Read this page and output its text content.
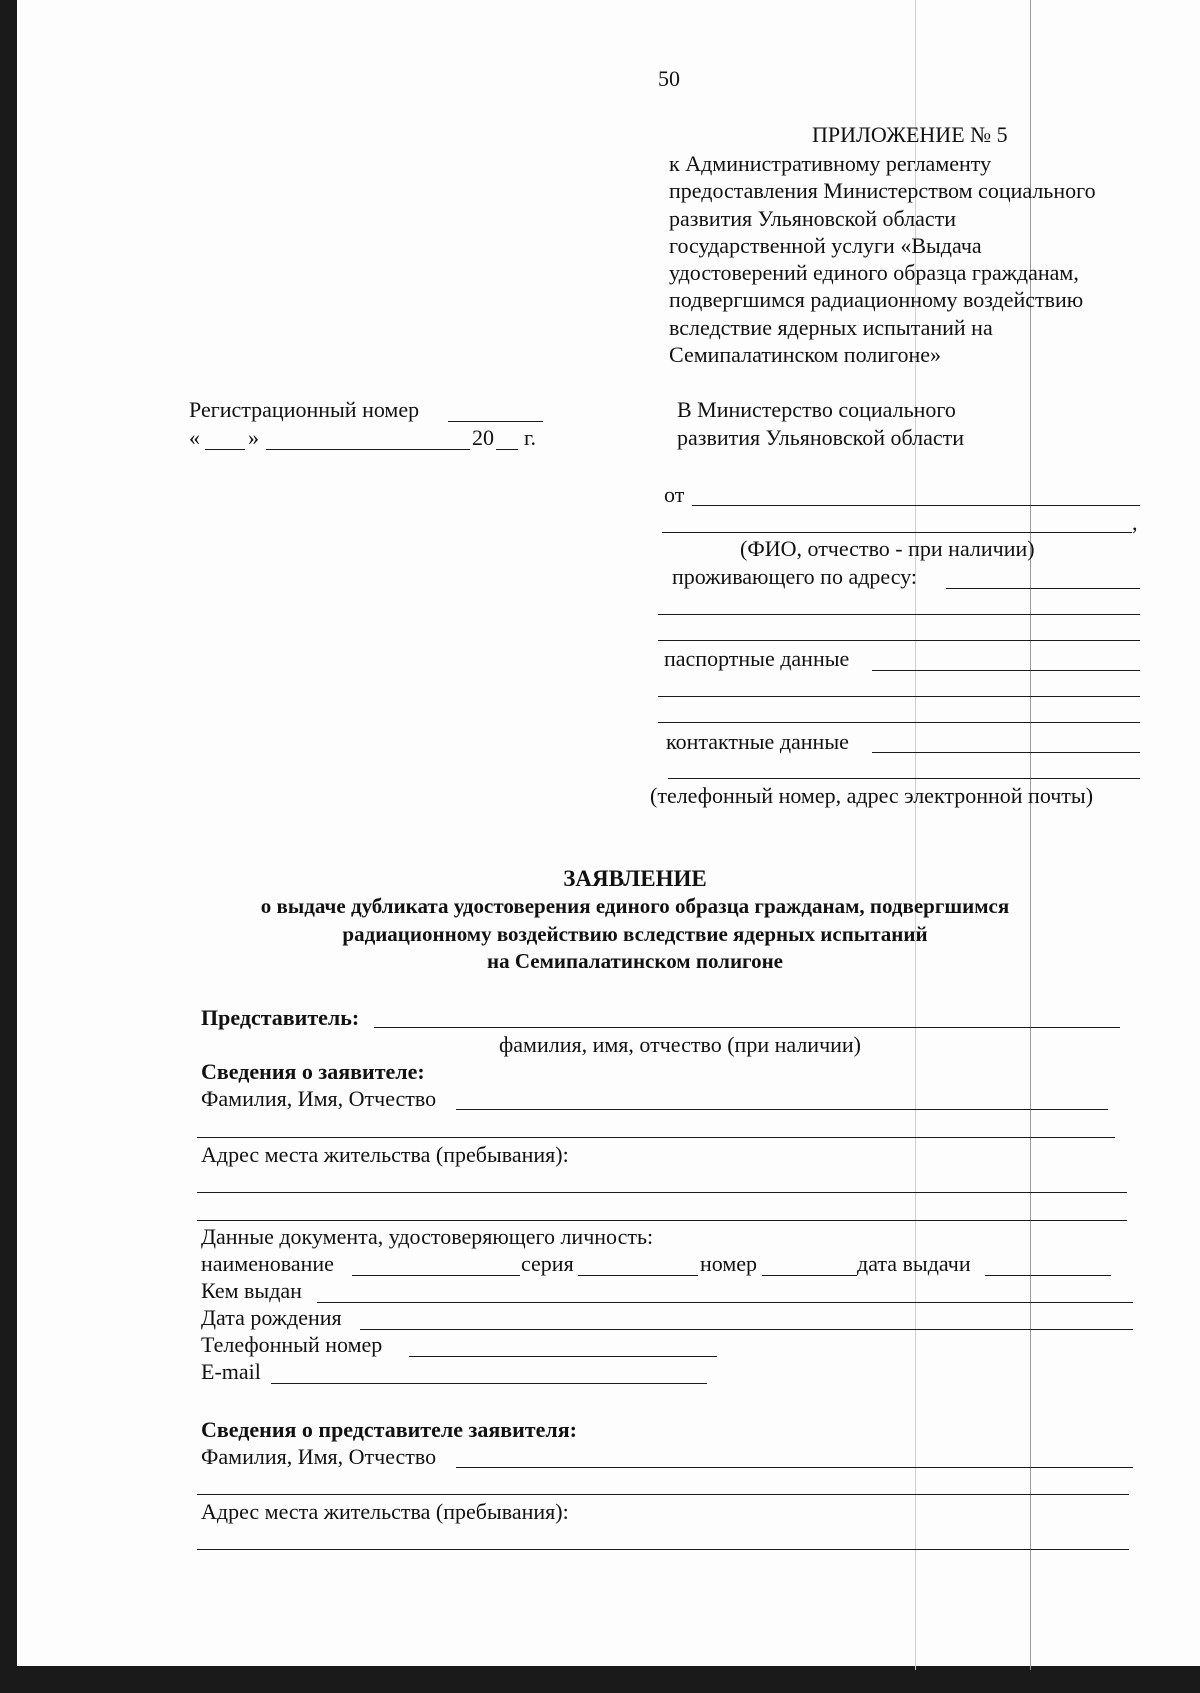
50
ПРИЛОЖЕНИЕ № 5
к Административному регламенту
предоставления Министерством социального
развития Ульяновской области
государственной услуги «Выдача
удостоверений единого образца гражданам,
подвергшимся радиационному воздействию
вследствие ядерных испытаний на
Семипалатинском полигоне»
Регистрационный номер
« »	20 г.
В Министерство социального
развития Ульяновской области
от
,
(ФИО, отчество - при наличии)
проживающего по адресу:
паспортные данные
контактные данные
(телефонный номер, адрес электронной почты)
ЗАЯВЛЕНИЕ
о выдаче дубликата удостоверения единого образца гражданам, подвергшимся
радиационному воздействию вследствие ядерных испытаний
на Семипалатинском полигоне
Представитель:
фамилия, имя, отчество (при наличии)
Сведения о заявителе:
Фамилия, Имя, Отчество
Адрес места жительства (пребывания):
Данные документа, удостоверяющего личность:
наименование	серия	номер	дата выдачи
Кем выдан
Дата рождения
Телефонный номер
E-mail
Сведения о представителе заявителя:
Фамилия, Имя, Отчество
Адрес места жительства (пребывания):
